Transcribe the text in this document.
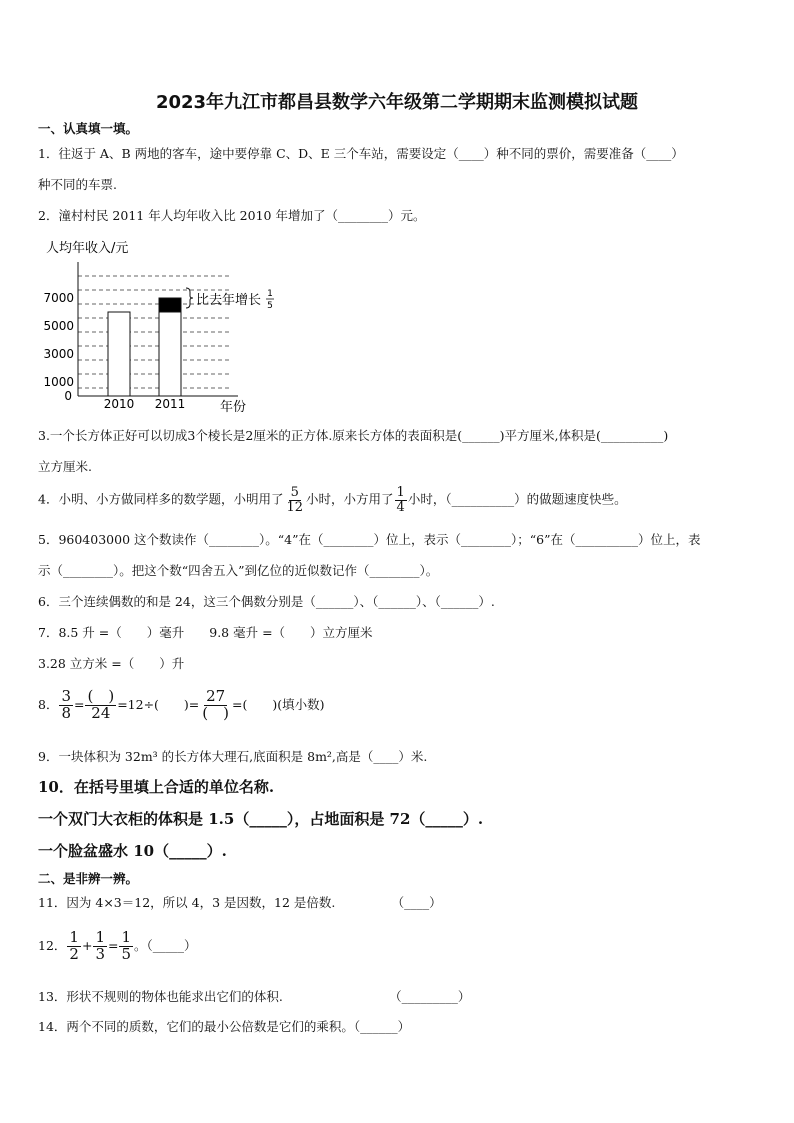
2023年九江市都昌县数学六年级第二学期期末监测模拟试题
一、认真填一填。
1．往返于 A、B 两地的客车，途中要停靠 C、D、E 三个车站，需要设定（____）种不同的票价，需要准备（____）
种不同的车票.
2．潼村村民 2011 年人均年收入比 2010 年增加了（________）元。
人均年收入/元
0
1000
3000
5000
7000
2010 2011	年份
比去年增长 1
5
3.一个长方体正好可以切成3个棱长是2厘米的正方体.原来长方体的表面积是(______)平方厘米,体积是(__________)
立方厘米.
4．小明、小方做同样多的数学题，小明用了 $\frac{5}{12}$ 小时，小方用了 $\frac{1}{4}$ 小时，（__________）的做题速度快些。
5．960403000 这个数读作（________）。“4”在（________）位上，表示（________）；“6”在（__________）位上，表
示（________）。把这个数“四舍五入”到亿位的近似数记作（________）。
6．三个连续偶数的和是 24，这三个偶数分别是（______）、（______）、（______）.
7．8.5 升 =（　　）毫升　　9.8 毫升 =（　　）立方厘米
3.28 立方米 =（　　）升
8． $\frac{3}{8} = \frac{( )}{24} =12\div$(　　)= $\frac{27}{( )}$ =(　　)(填小数)
9．一块体积为 32m³ 的长方体大理石,底面积是 8m²,高是（____）米.
10．在括号里填上合适的单位名称.
一个双门大衣柜的体积是 1.5（_____），占地面积是 72（_____）.
一个脸盆盛水 10（_____）.
二、是非辨一辨。
11．因为 4×3＝12，所以 4，3 是因数，12 是倍数.　　　　　（____）
12． $\frac{1}{2} + \frac{1}{3} = \frac{1}{5}$ 。（_____）
13．形状不规则的物体也能求出它们的体积.　　　　　　　　　（_________）
14．两个不同的质数，它们的最小公倍数是它们的乘积。（______）
